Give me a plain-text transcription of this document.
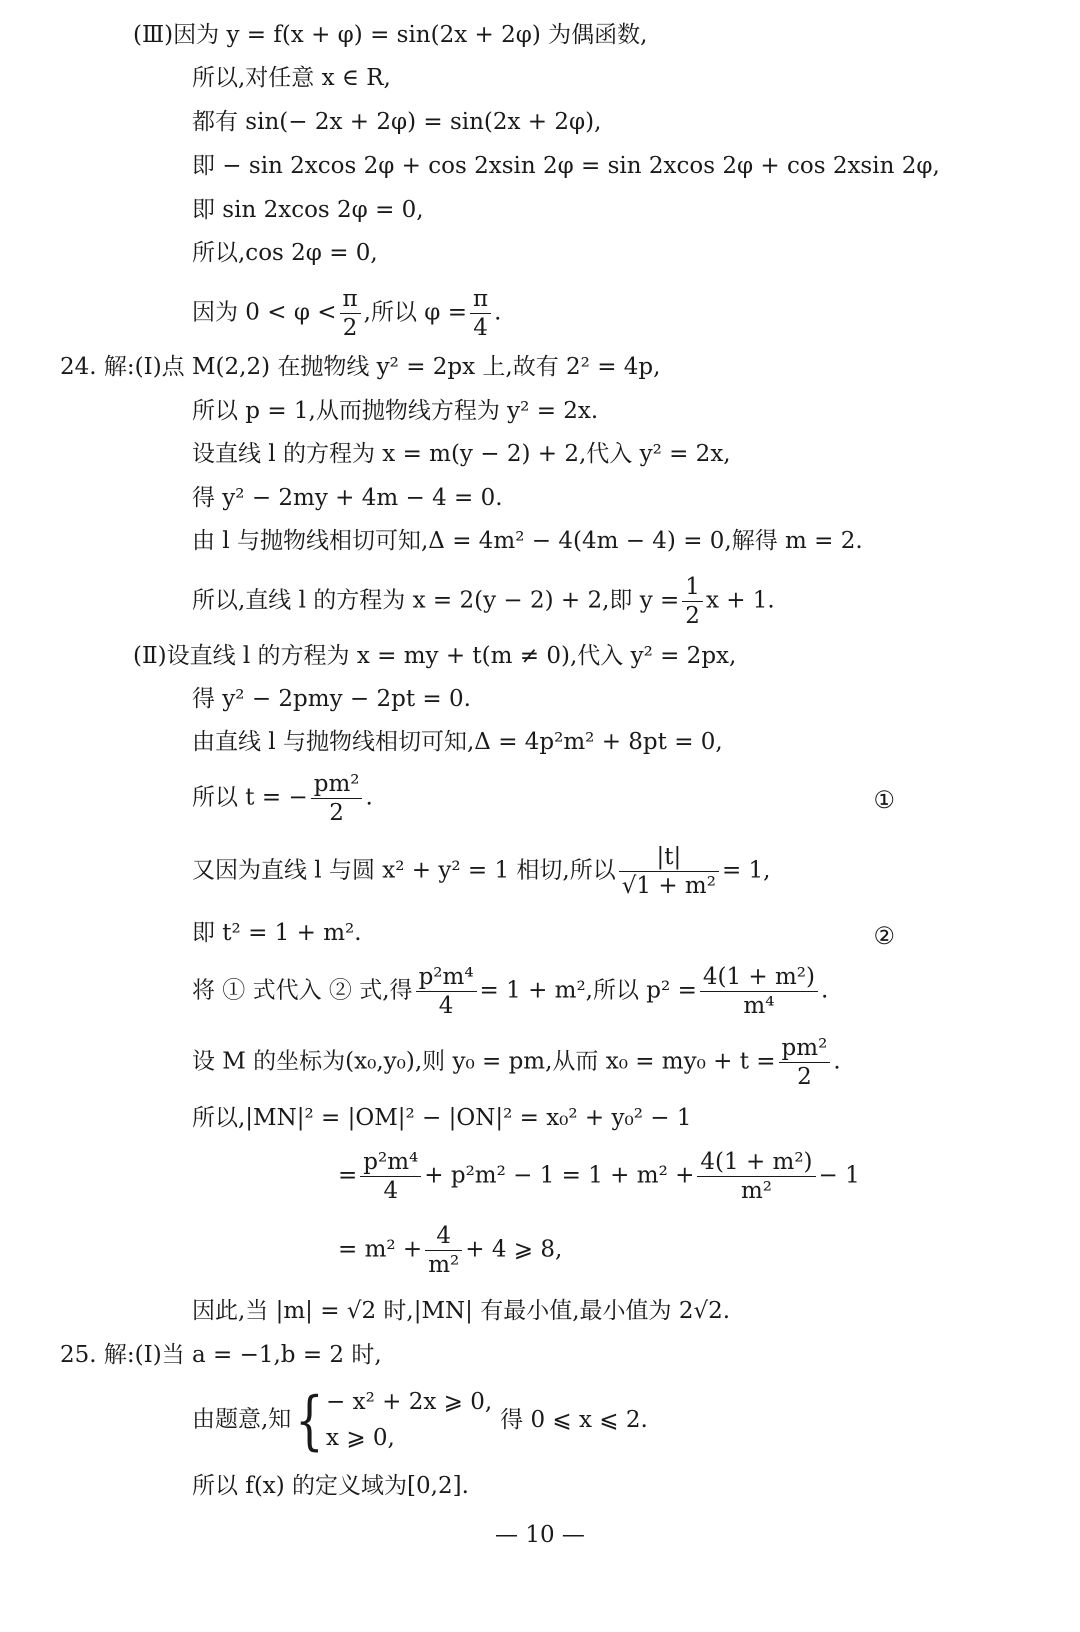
(Ⅲ)因为 y = f(x + φ) = sin(2x + 2φ) 为偶函数,
所以,对任意 x ∈ R,
都有 sin(− 2x + 2φ) = sin(2x + 2φ),
即 − sin 2xcos 2φ + cos 2xsin 2φ = sin 2xcos 2φ + cos 2xsin 2φ,
即 sin 2xcos 2φ = 0,
所以,cos 2φ = 0,
因为 $0 < \varphi < \frac{\pi}{2}$ ,所以 $\varphi = \frac{\pi}{4}$ .
24. 解:(Ⅰ)点 M(2,2) 在抛物线 y² = 2px 上,故有 2² = 4p,
所以 p = 1,从而抛物线方程为 y² = 2x.
设直线 l 的方程为 x = m(y − 2) + 2,代入 y² = 2x,
得 y² − 2my + 4m − 4 = 0.
由 l 与抛物线相切可知,Δ = 4m² − 4(4m − 4) = 0,解得 m = 2.
所以,直线 l 的方程为 x = 2(y − 2) + 2,即 $y = \frac{1}{2}$ x + 1.
(Ⅱ)设直线 l 的方程为 x = my + t(m ≠ 0),代入 y² = 2px,
得 y² − 2pmy − 2pt = 0.
由直线 l 与抛物线相切可知,Δ = 4p²m² + 8pt = 0,
所以 t = − $\frac{\text{pm²}}{2}$ .	①
又因为直线 l 与圆 x² + y² = 1 相切,所以 $\frac{|t|}{\text{√1 + m²}} = 1$,
即 t² = 1 + m².	②
将 ① 式代入 ② 式,得 $\frac{\text{p²m⁴}}{4} = 1 + m^2$,所以 $p^2 = \frac{\text{4(1 + m²)}}{\text{m⁴}}$ .
设 M 的坐标为(x₀,y₀),则 y₀ = pm,从而 $x_0 = my_0 + t = \frac{\text{pm²}}{2}$ .
所以,|MN|² = |OM|² − |ON|² = x₀² + y₀² − 1
= $\frac{\text{p²m⁴}}{4} + p^2m^2 - 1 = 1 + m^2 + \frac{\text{4(1 + m²)}}{\text{m²}} - 1$
= $m^2 + \frac{4}{\text{m²}} + 4$ ⩾ 8,
因此,当 |m| = √2 时,|MN| 有最小值,最小值为 2√2.
25. 解:(Ⅰ)当 a = −1,b = 2 时,
由题意,知{ − x² + 2x ⩾ 0,
x ⩾ 0,
得 0 ⩽ x ⩽ 2.
所以 f(x) 的定义域为[0,2].
— 10 —
